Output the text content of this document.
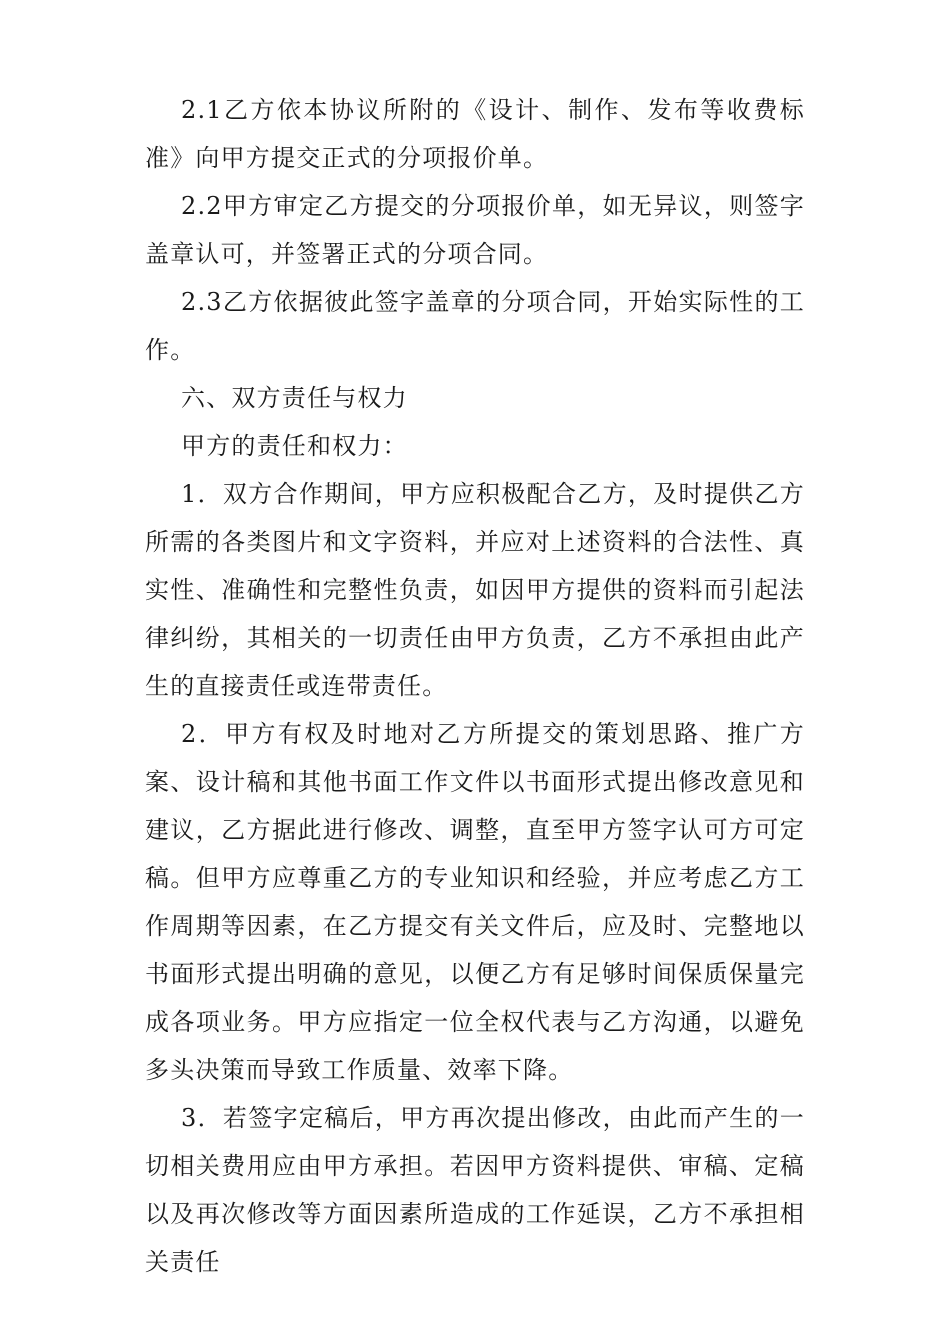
2.1乙方依本协议所附的《设计、制作、发布等收费标准》向甲方提交正式的分项报价单。

2.2甲方审定乙方提交的分项报价单，如无异议，则签字盖章认可，并签署正式的分项合同。

2.3乙方依据彼此签字盖章的分项合同，开始实际性的工作。

六、双方责任与权力

甲方的责任和权力：

1．双方合作期间，甲方应积极配合乙方，及时提供乙方所需的各类图片和文字资料，并应对上述资料的合法性、真实性、准确性和完整性负责，如因甲方提供的资料而引起法律纠纷，其相关的一切责任由甲方负责，乙方不承担由此产生的直接责任或连带责任。

2．甲方有权及时地对乙方所提交的策划思路、推广方案、设计稿和其他书面工作文件以书面形式提出修改意见和建议，乙方据此进行修改、调整，直至甲方签字认可方可定稿。但甲方应尊重乙方的专业知识和经验，并应考虑乙方工作周期等因素，在乙方提交有关文件后，应及时、完整地以书面形式提出明确的意见，以便乙方有足够时间保质保量完成各项业务。甲方应指定一位全权代表与乙方沟通，以避免多头决策而导致工作质量、效率下降。

3．若签字定稿后，甲方再次提出修改，由此而产生的一切相关费用应由甲方承担。若因甲方资料提供、审稿、定稿以及再次修改等方面因素所造成的工作延误，乙方不承担相关责任
